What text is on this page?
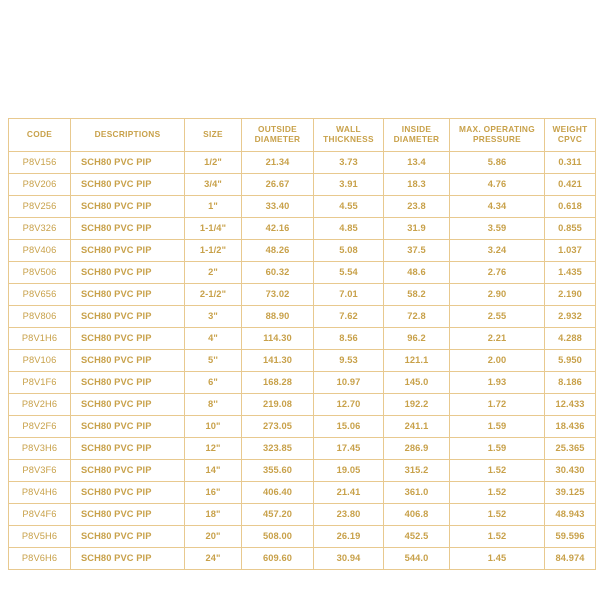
CODE	DESCRIPTIONS	SIZE	OUTSIDE DIAMETER	WALL THICKNESS	INSIDE DIAMETER	MAX. OPERATING PRESSURE	WEIGHT CPVC
P8V156	SCH80 PVC PIP	1/2"	21.34	3.73	13.4	5.86	0.311
P8V206	SCH80 PVC PIP	3/4"	26.67	3.91	18.3	4.76	0.421
P8V256	SCH80 PVC PIP	1"	33.40	4.55	23.8	4.34	0.618
P8V326	SCH80 PVC PIP	1-1/4"	42.16	4.85	31.9	3.59	0.855
P8V406	SCH80 PVC PIP	1-1/2"	48.26	5.08	37.5	3.24	1.037
P8V506	SCH80 PVC PIP	2"	60.32	5.54	48.6	2.76	1.435
P8V656	SCH80 PVC PIP	2-1/2"	73.02	7.01	58.2	2.90	2.190
P8V806	SCH80 PVC PIP	3"	88.90	7.62	72.8	2.55	2.932
P8V1H6	SCH80 PVC PIP	4"	114.30	8.56	96.2	2.21	4.288
P8V106	SCH80 PVC PIP	5''	141.30	9.53	121.1	2.00	5.950
P8V1F6	SCH80 PVC PIP	6"	168.28	10.97	145.0	1.93	8.186
P8V2H6	SCH80 PVC PIP	8''	219.08	12.70	192.2	1.72	12.433
P8V2F6	SCH80 PVC PIP	10"	273.05	15.06	241.1	1.59	18.436
P8V3H6	SCH80 PVC PIP	12"	323.85	17.45	286.9	1.59	25.365
P8V3F6	SCH80 PVC PIP	14"	355.60	19.05	315.2	1.52	30.430
P8V4H6	SCH80 PVC PIP	16"	406.40	21.41	361.0	1.52	39.125
P8V4F6	SCH80 PVC PIP	18"	457.20	23.80	406.8	1.52	48.943
P8V5H6	SCH80 PVC PIP	20"	508.00	26.19	452.5	1.52	59.596
P8V6H6	SCH80 PVC PIP	24"	609.60	30.94	544.0	1.45	84.974
